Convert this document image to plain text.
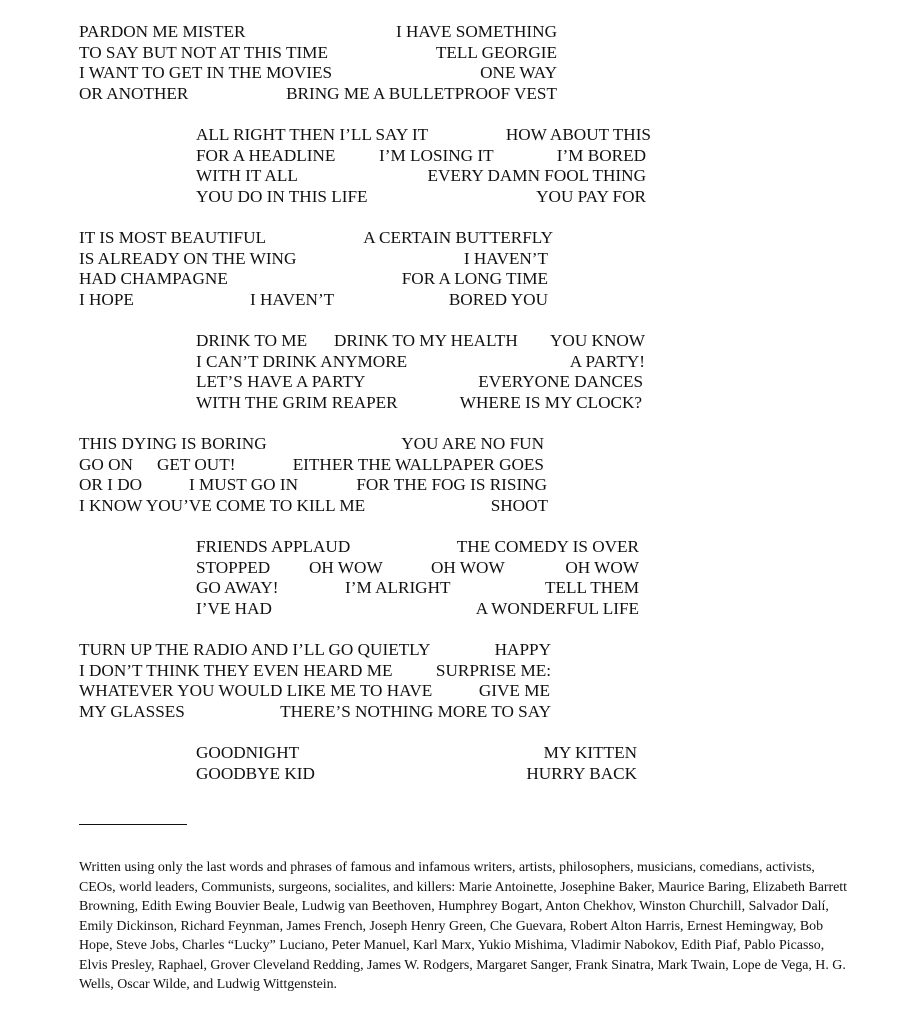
PARDON ME MISTER	I HAVE SOMETHING
TO SAY BUT NOT AT THIS TIME	TELL GEORGIE
I WANT TO GET IN THE MOVIES	ONE WAY
OR ANOTHER	BRING ME A BULLETPROOF VEST
ALL RIGHT THEN I’LL SAY IT	HOW ABOUT THIS
FOR A HEADLINE	I’M LOSING IT	I’M BORED
WITH IT ALL	EVERY DAMN FOOL THING
YOU DO IN THIS LIFE	YOU PAY FOR
IT IS MOST BEAUTIFUL	A CERTAIN BUTTERFLY
IS ALREADY ON THE WING	I HAVEN’T
HAD CHAMPAGNE	FOR A LONG TIME
I HOPE	I HAVEN’T	BORED YOU
DRINK TO ME DRINK TO MY HEALTH YOU KNOW
I CAN’T DRINK ANYMORE	A PARTY!
LET’S HAVE A PARTY	EVERYONE DANCES
WITH THE GRIM REAPER	WHERE IS MY CLOCK?
THIS DYING IS BORING	YOU ARE NO FUN
GO ON GET OUT!	EITHER THE WALLPAPER GOES
OR I DO	I MUST GO IN	FOR THE FOG IS RISING
I KNOW YOU’VE COME TO KILL ME	SHOOT
FRIENDS APPLAUD	THE COMEDY IS OVER
STOPPED OH WOW	OH WOW	OH WOW
GO AWAY!	I’M ALRIGHT	TELL THEM
I’VE HAD	A WONDERFUL LIFE
TURN UP THE RADIO AND I’LL GO QUIETLY	HAPPY
I DON’T THINK THEY EVEN HEARD ME	SURPRISE ME:
WHATEVER YOU WOULD LIKE ME TO HAVE	GIVE ME
MY GLASSES	THERE’S NOTHING MORE TO SAY
GOODNIGHT	MY KITTEN
GOODBYE KID	HURRY BACK

Written using only the last words and phrases of famous and infamous writers, artists, philosophers, musicians, comedians, activists, CEOs, world leaders, Communists, surgeons, socialites, and killers: Marie Antoinette, Josephine Baker, Maurice Baring, Elizabeth Barrett Browning, Edith Ewing Bouvier Beale, Ludwig van Beethoven, Humphrey Bogart, Anton Chekhov, Winston Churchill, Salvador Dalí, Emily Dickinson, Richard Feynman, James French, Joseph Henry Green, Che Guevara, Robert Alton Harris, Ernest Hemingway, Bob Hope, Steve Jobs, Charles “Lucky” Luciano, Peter Manuel, Karl Marx, Yukio Mishima, Vladimir Nabokov, Edith Piaf, Pablo Picasso, Elvis Presley, Raphael, Grover Cleveland Redding, James W. Rodgers, Margaret Sanger, Frank Sinatra, Mark Twain, Lope de Vega, H. G. Wells, Oscar Wilde, and Ludwig Wittgenstein.
